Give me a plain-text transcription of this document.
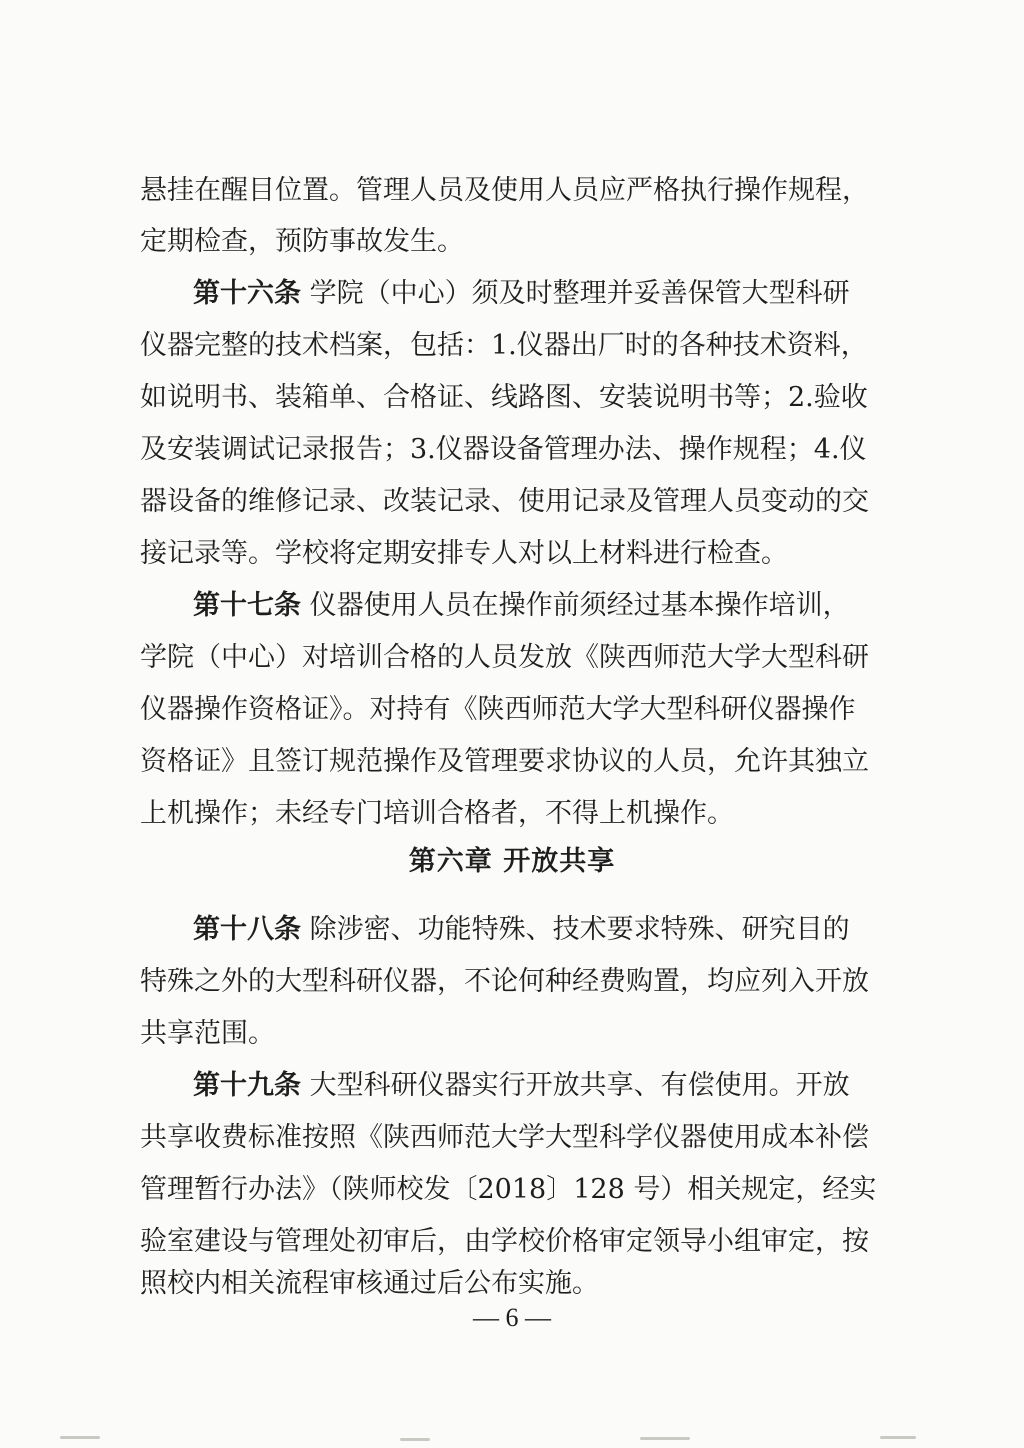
悬挂在醒目位置。管理人员及使用人员应严格执行操作规程，

定期检查，预防事故发生。

第十六条 学院（中心）须及时整理并妥善保管大型科研

仪器完整的技术档案，包括：1.仪器出厂时的各种技术资料，

如说明书、装箱单、合格证、线路图、安装说明书等；2.验收

及安装调试记录报告；3.仪器设备管理办法、操作规程；4.仪

器设备的维修记录、改装记录、使用记录及管理人员变动的交

接记录等。学校将定期安排专人对以上材料进行检查。

第十七条 仪器使用人员在操作前须经过基本操作培训，

学院（中心）对培训合格的人员发放《陕西师范大学大型科研

仪器操作资格证》。对持有《陕西师范大学大型科研仪器操作

资格证》且签订规范操作及管理要求协议的人员，允许其独立

上机操作；未经专门培训合格者，不得上机操作。

第六章 开放共享

第十八条 除涉密、功能特殊、技术要求特殊、研究目的

特殊之外的大型科研仪器，不论何种经费购置，均应列入开放

共享范围。

第十九条 大型科研仪器实行开放共享、有偿使用。开放

共享收费标准按照《陕西师范大学大型科学仪器使用成本补偿

管理暂行办法》（陕师校发〔2018〕128 号）相关规定，经实

验室建设与管理处初审后，由学校价格审定领导小组审定，按

照校内相关流程审核通过后公布实施。

— 6 —
